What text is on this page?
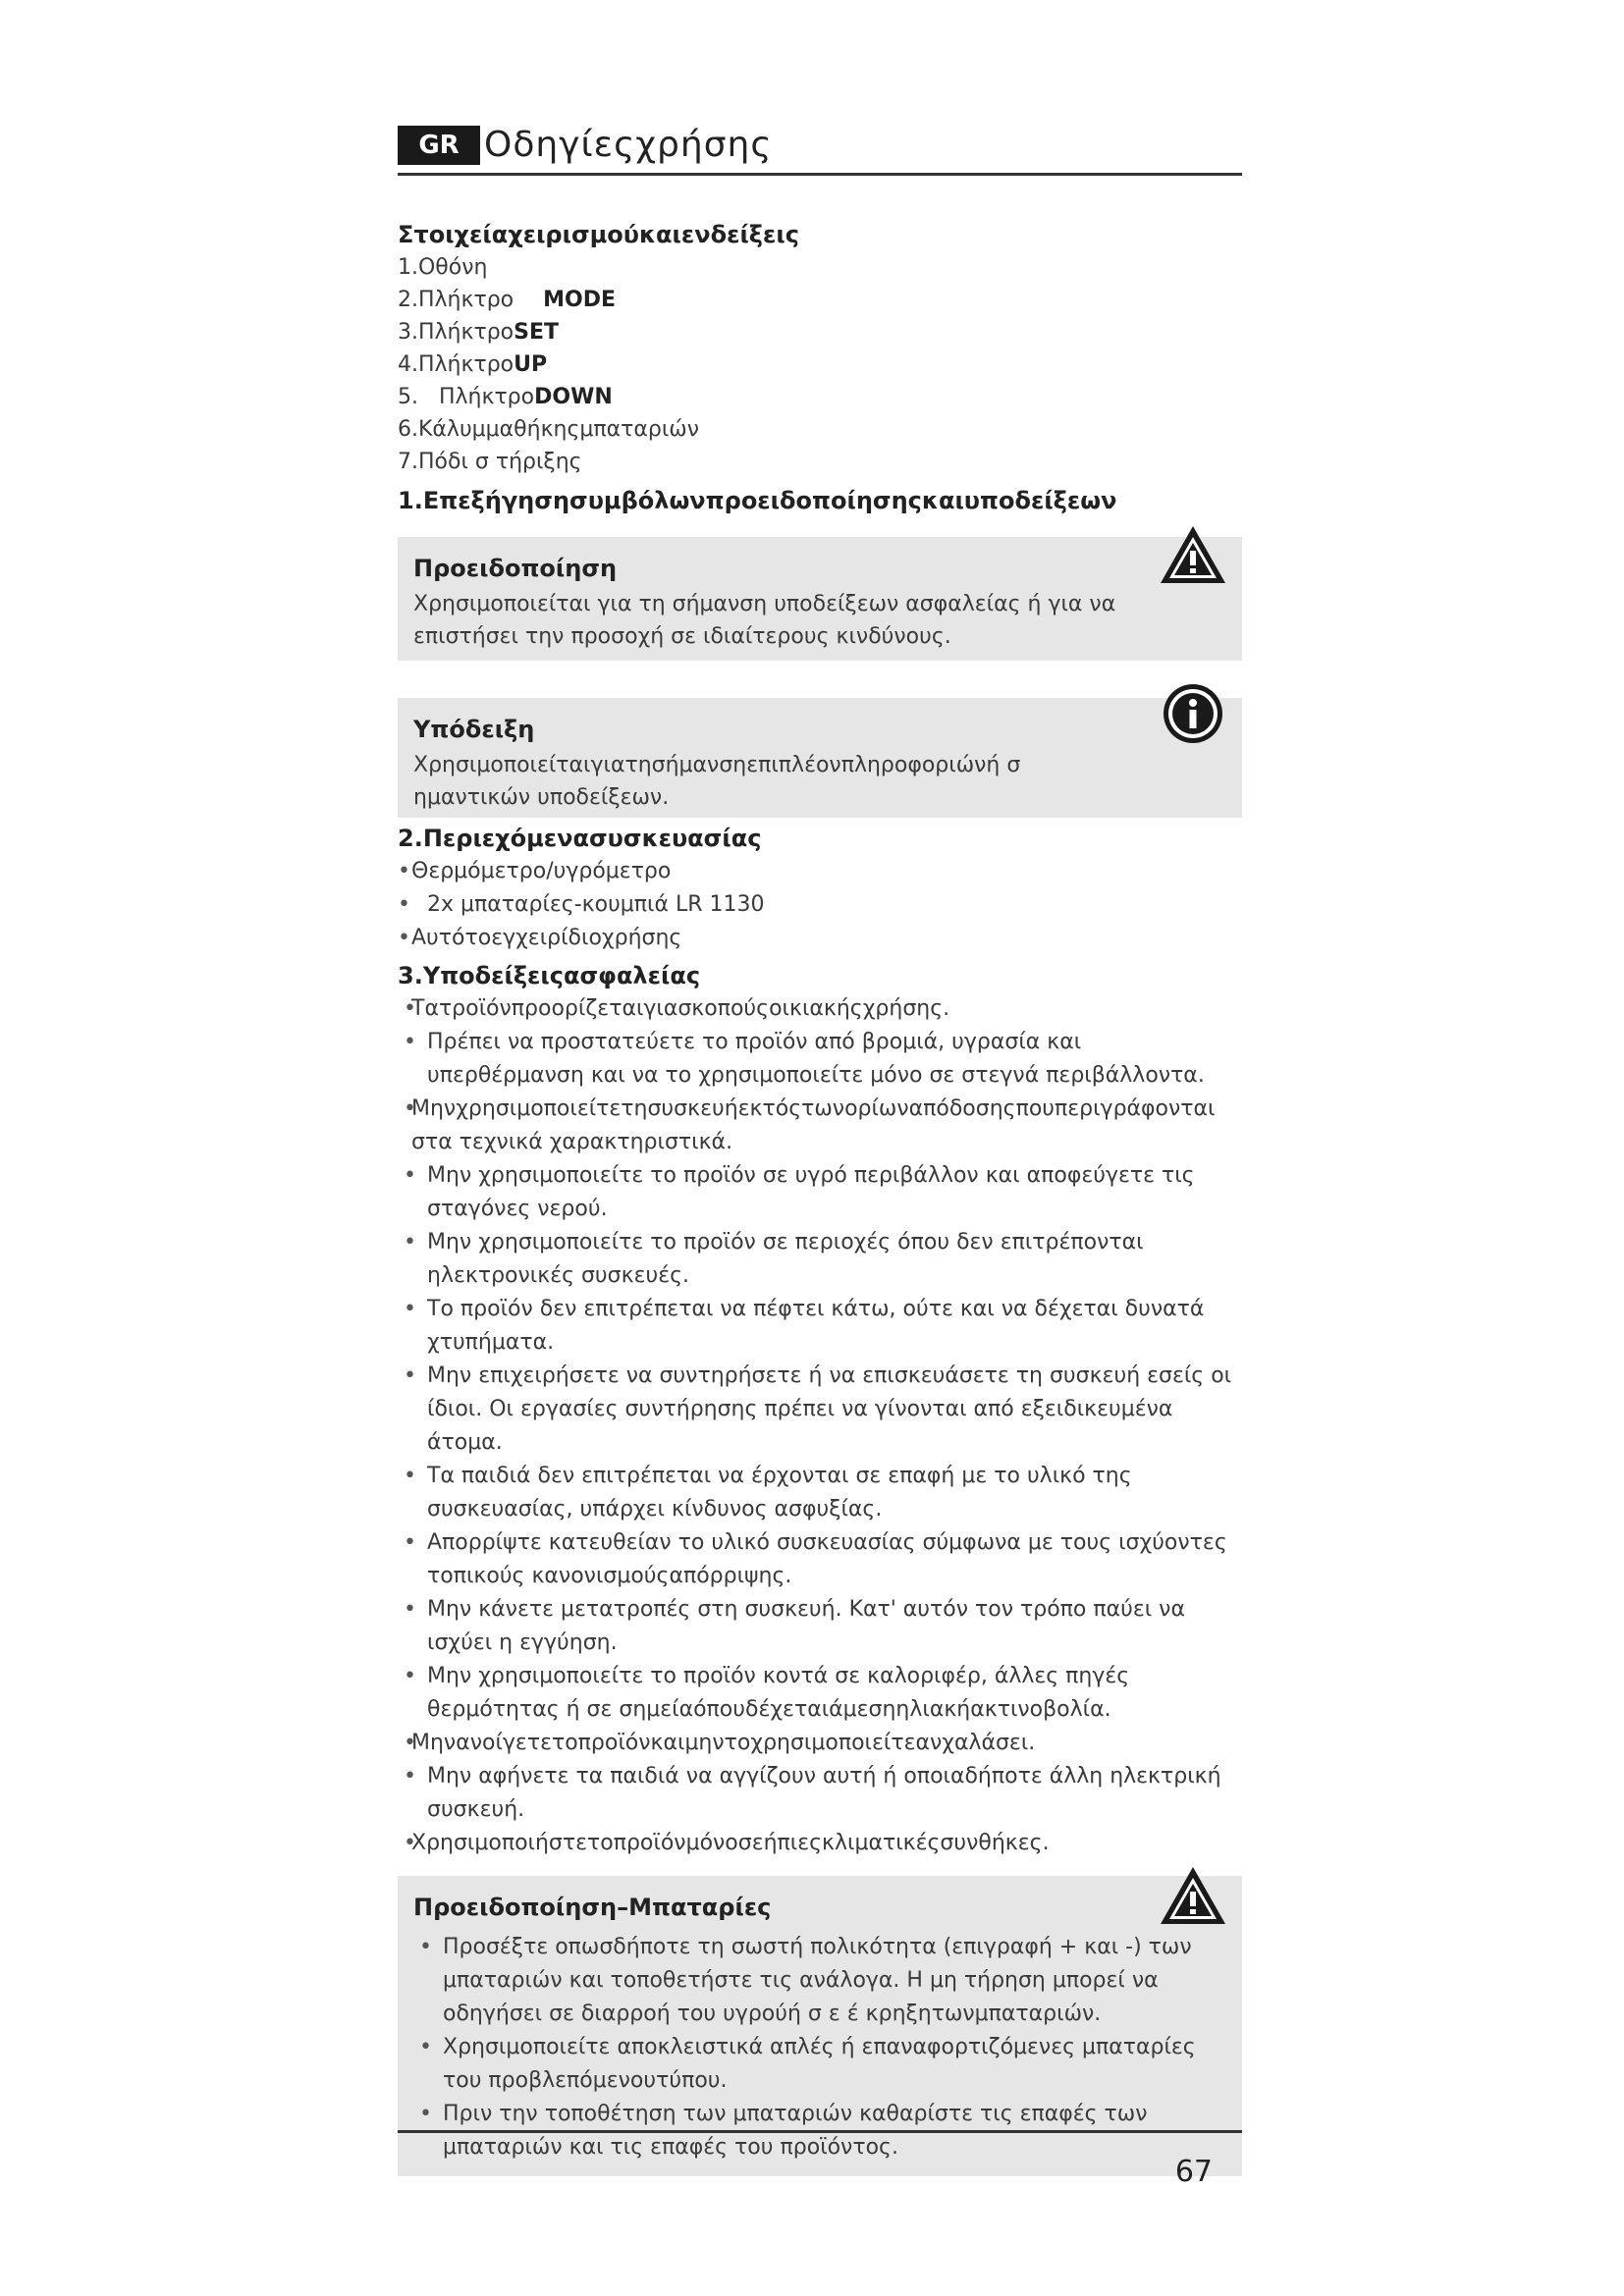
GR Οδηγίεςχρήσης
Στοιχείαχειρισμούκαιενδείξεις
1.Οθόνη
2.Πλήκτρο MODE
3.ΠλήκτροSET
4.ΠλήκτροUP
5.   ΠλήκτροDOWN
6.Κάλυμμαθήκηςμπαταριών
7.Πόδι σ τήριξης
1.Επεξήγησησυμβόλωνπροειδοποίησηςκαιυποδείξεων
Προειδοποίηση
Χρησιμοποιείται για τη σήμανση υποδείξεων ασφαλείας ή για να επιστήσει την προσοχή σε ιδιαίτερους κινδύνους.
Υπόδειξη
Χρησιμοποιείταιγιατησήμανσηεπιπλέονπληροφοριώνή σ ημαντικών υποδείξεων.
2.Περιεχόμενασυσκευασίας
• Θερμόμετρο/υγρόμετρο
• 2x μπαταρίες-κουμπιά LR 1130
• Αυτότοεγχειρίδιοχρήσης
3.Υποδείξειςασφαλείας
• Τατροϊόνπροορίζεταιγιασκοπούςοικιακήςχρήσης.
• Πρέπει να προστατεύετε το προϊόν από βρομιά, υγρασία και υπερθέρμανση και να το χρησιμοποιείτε μόνο σε στεγνά περιβάλλοντα.
• Μηνχρησιμοποιείτετησυσκευήεκτόςτωνορίωναπόδοσηςπουπεριγράφονται στα τεχνικά χαρακτηριστικά.
• Μην χρησιμοποιείτε το προϊόν σε υγρό περιβάλλον και αποφεύγετε τις σταγόνες νερού.
• Μην χρησιμοποιείτε το προϊόν σε περιοχές όπου δεν επιτρέπονται ηλεκτρονικές συσκευές.
• Το προϊόν δεν επιτρέπεται να πέφτει κάτω, ούτε και να δέχεται δυνατά χτυπήματα.
• Μην επιχειρήσετε να συντηρήσετε ή να επισκευάσετε τη συσκευή εσείς οι ίδιοι. Οι εργασίες συντήρησης πρέπει να γίνονται από εξειδικευμένα άτομα.
• Τα παιδιά δεν επιτρέπεται να έρχονται σε επαφή με το υλικό της συσκευασίας, υπάρχει κίνδυνος ασφυξίας.
• Απορρίψτε κατευθείαν το υλικό συσκευασίας σύμφωνα με τους ισχύοντες τοπικούς κανονισμούςαπόρριψης.
• Μην κάνετε μετατροπές στη συσκευή. Κατ' αυτόν τον τρόπο παύει να ισχύει η εγγύηση.
• Μην χρησιμοποιείτε το προϊόν κοντά σε καλοριφέρ, άλλες πηγές θερμότητας ή σε σημείαόπουδέχεταιάμεσηηλιακήακτινοβολία.
• Μηνανοίγετετοπροϊόνκαιμηντοχρησιμοποιείτεανχαλάσει.
• Μην αφήνετε τα παιδιά να αγγίζουν αυτή ή οποιαδήποτε άλλη ηλεκτρική συσκευή.
• Χρησιμοποιήστετοπροϊόνμόνοσεήπιεςκλιματικέςσυνθήκες.
Προειδοποίηση–Μπαταρίες
• Προσέξτε οπωσδήποτε τη σωστή πολικότητα (επιγραφή + και -) των μπαταριών και τοποθετήστε τις ανάλογα. Η μη τήρηση μπορεί να οδηγήσει σε διαρροή του υγρούή σ ε έ κρηξητωνμπαταριών.
• Χρησιμοποιείτε αποκλειστικά απλές ή επαναφορτιζόμενες μπαταρίες του προβλεπόμενουτύπου.
• Πριν την τοποθέτηση των μπαταριών καθαρίστε τις επαφές των μπαταριών και τις επαφές του προϊόντος.
67
